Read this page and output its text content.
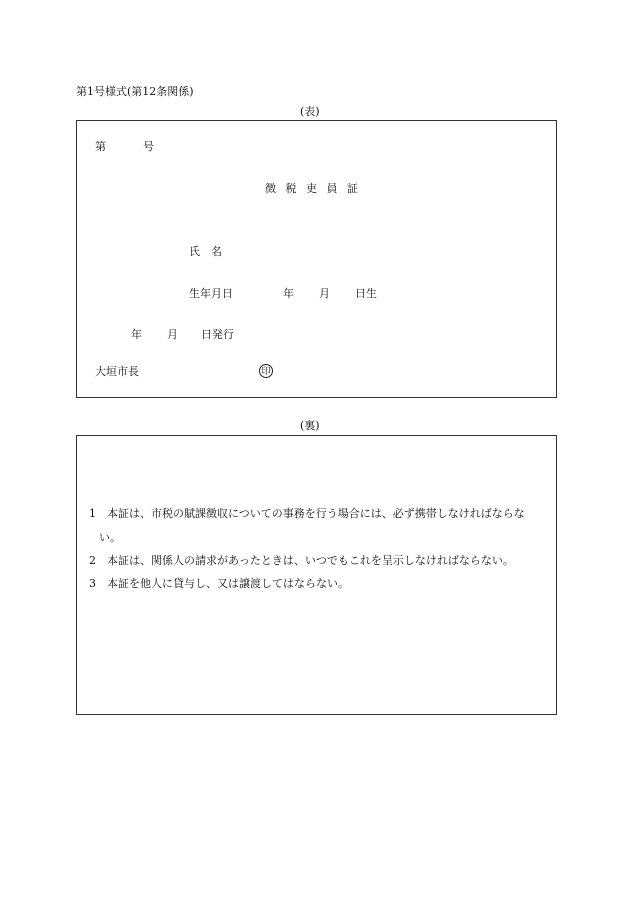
第1号様式(第12条関係)
(表)
第	号
徴 税 吏 員 証
氏　名
生年月日	年 月 日生
年 月 日発行
大垣市長	印
(裏)
1 本証は、市税の賦課徴収についての事務を行う場合には、必ず携帯しなければならな
い。
2 本証は、関係人の請求があったときは、いつでもこれを呈示しなければならない。
3 本証を他人に貸与し、又は譲渡してはならない。
